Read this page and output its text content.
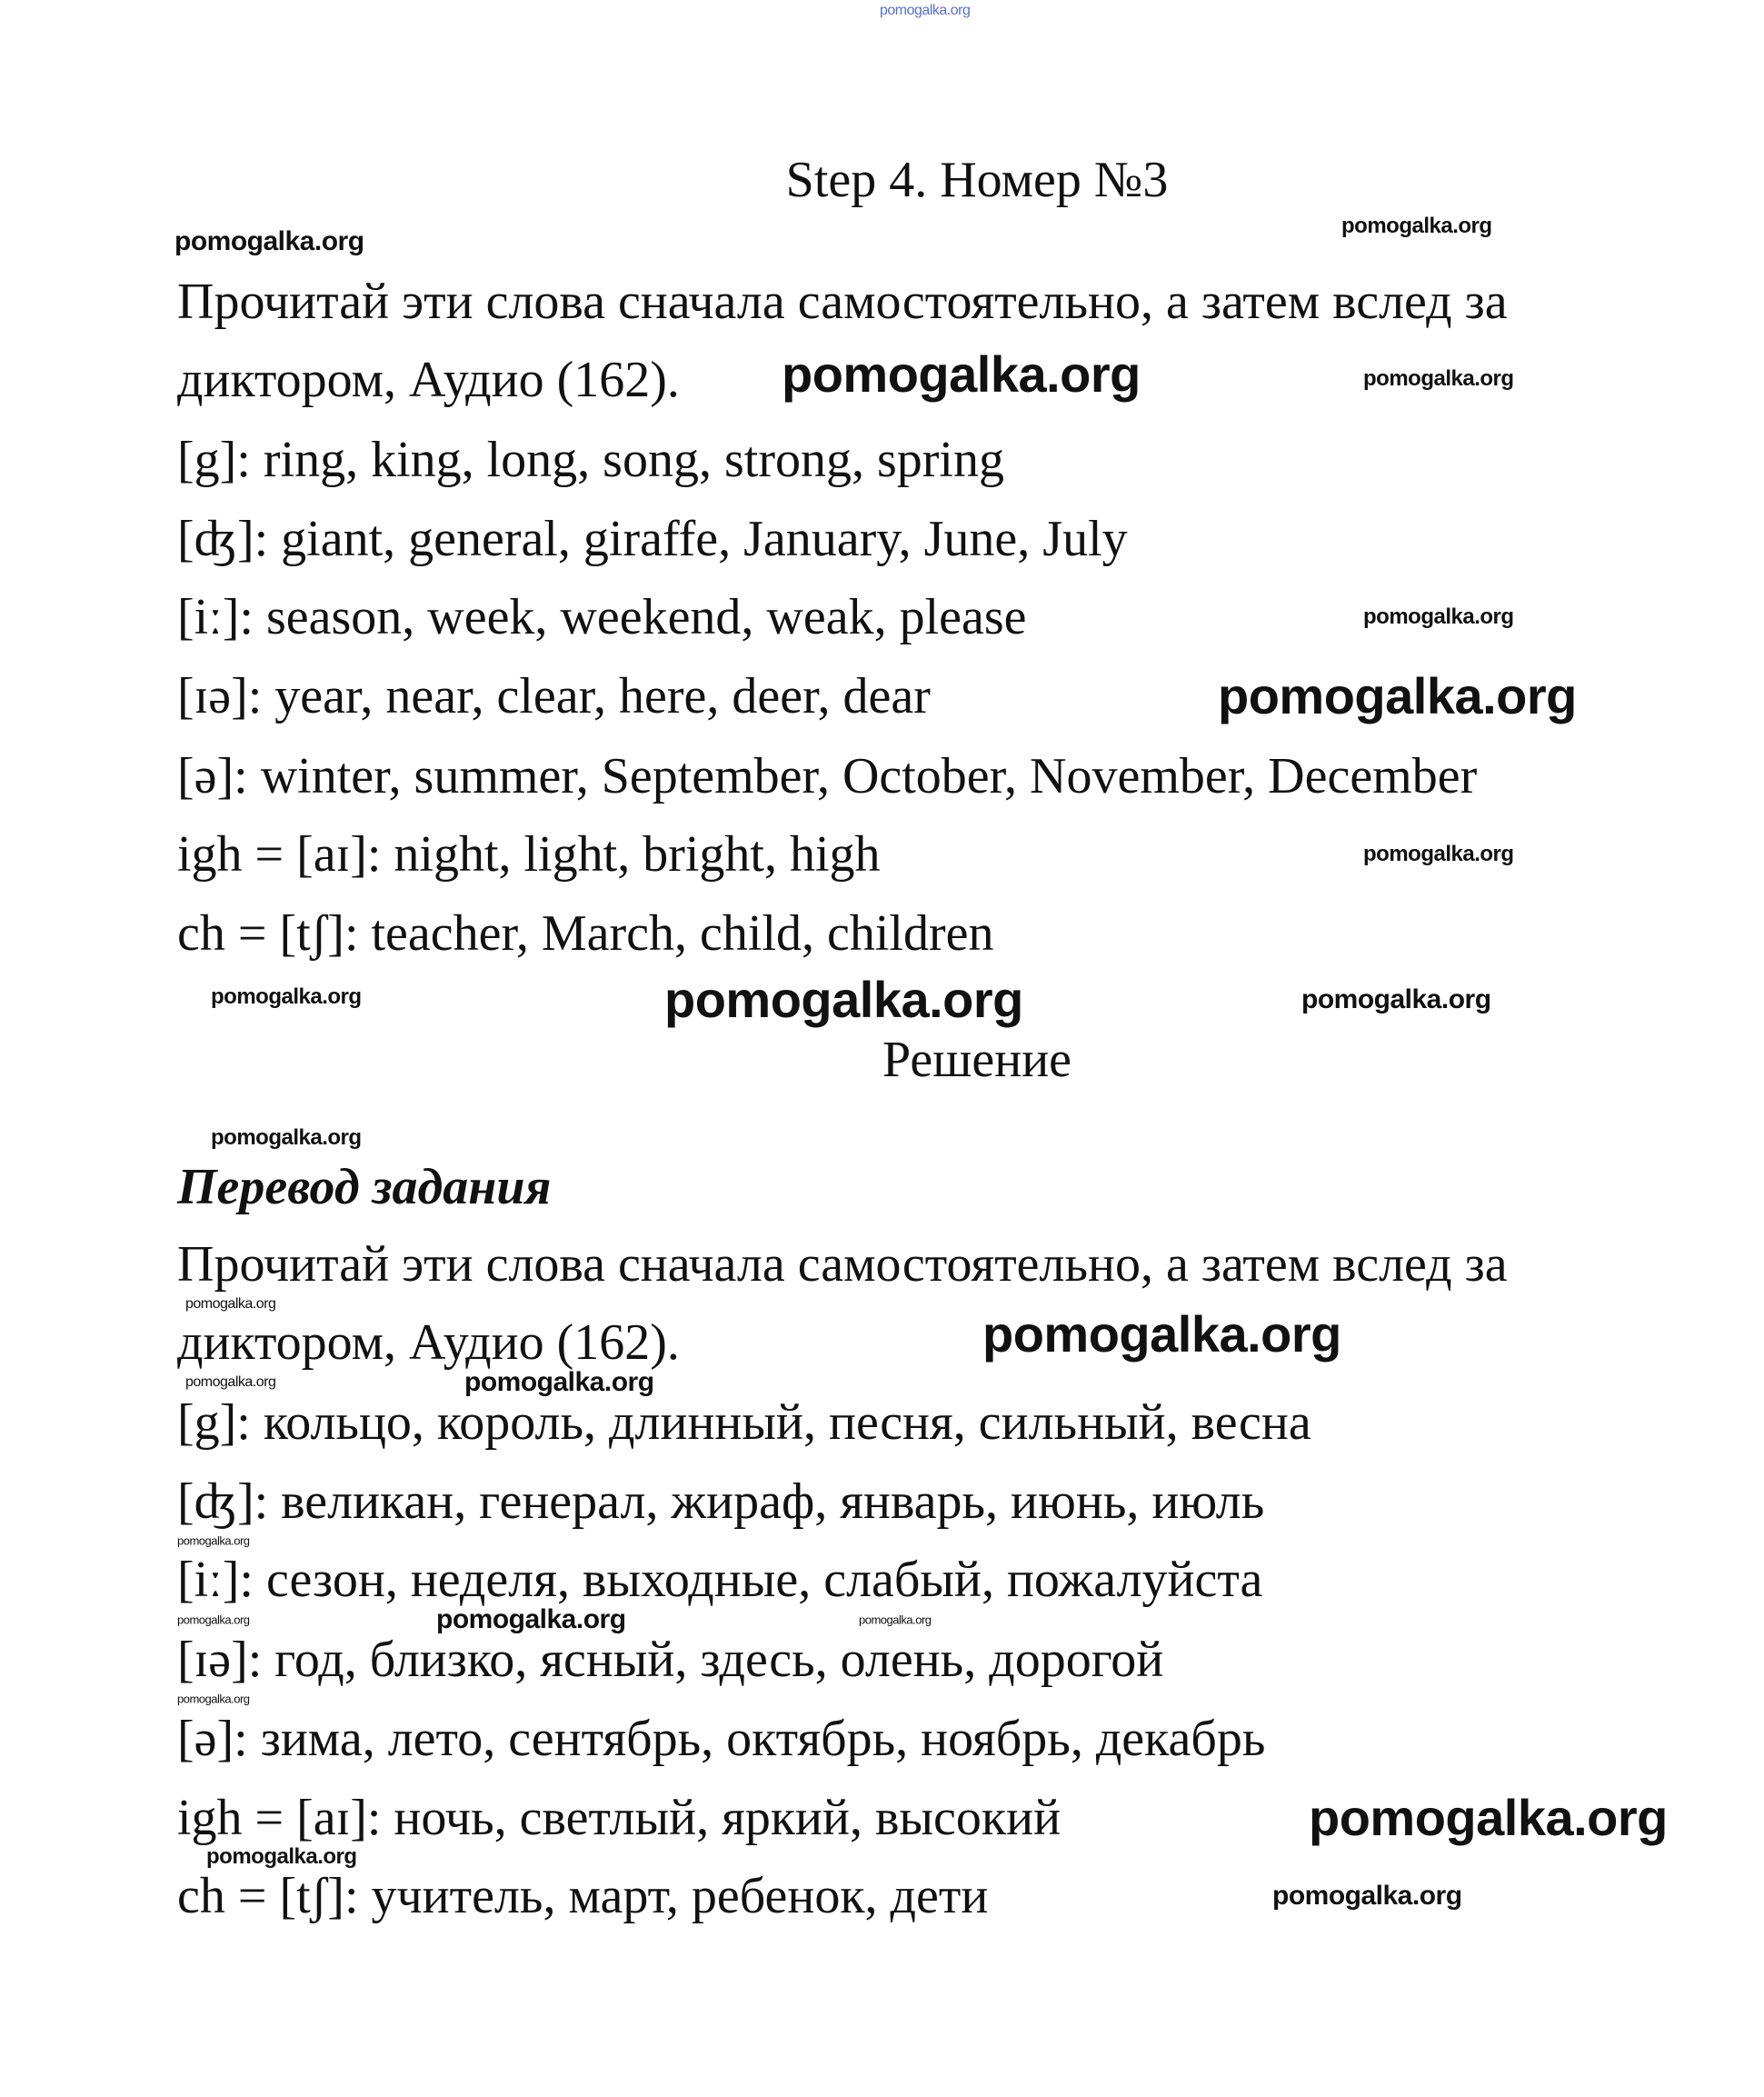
pomogalka.org
Step 4. Номер №3
Прочитай эти слова сначала самостоятельно, а затем вслед за
диктором, Аудио (162).
[g]: ring, king, long, song, strong, spring
[ʤ]: giant, general, giraffe, January, June, July
[iː]: season, week, weekend, weak, please
[ɪə]: year, near, clear, here, deer, dear
[ə]: winter, summer, September, October, November, December
igh = [aɪ]: night, light, bright, high
ch = [tʃ]: teacher, March, child, children
Решение
Перевод задания
Прочитай эти слова сначала самостоятельно, а затем вслед за
диктором, Аудио (162).
[g]: кольцо, король, длинный, песня, сильный, весна
[ʤ]: великан, генерал, жираф, январь, июнь, июль
[iː]: сезон, неделя, выходные, слабый, пожалуйста
[ɪə]: год, близко, ясный, здесь, олень, дорогой
[ə]: зима, лето, сентябрь, октябрь, ноябрь, декабрь
igh = [aɪ]: ночь, светлый, яркий, высокий
ch = [tʃ]: учитель, март, ребенок, дети
pomogalka.org
pomogalka.org
pomogalka.org	pomogalka.org
pomogalka.org
pomogalka.org
pomogalka.org
pomogalka.org	pomogalka.org	pomogalka.org
pomogalka.org
pomogalka.org
pomogalka.org
pomogalka.org	pomogalka.org
pomogalka.org
pomogalka.org	pomogalka.org	pomogalka.org
pomogalka.org
pomogalka.org
pomogalka.org
pomogalka.org
